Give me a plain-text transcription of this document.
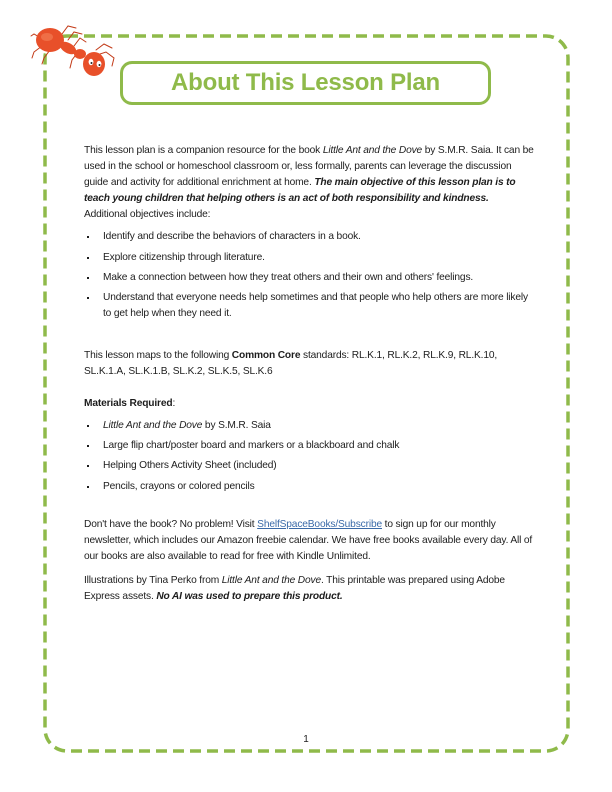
About This Lesson Plan

This lesson plan is a companion resource for the book Little Ant and the Dove by S.M.R. Saia. It can be used in the school or homeschool classroom or, less formally, parents can leverage the discussion guide and activity for additional enrichment at home. The main objective of this lesson plan is to teach young children that helping others is an act of both responsibility and kindness. Additional objectives include:

Identify and describe the behaviors of characters in a book.
Explore citizenship through literature.
Make a connection between how they treat others and their own and others' feelings.
Understand that everyone needs help sometimes and that people who help others are more likely to get help when they need it.

This lesson maps to the following Common Core standards: RL.K.1, RL.K.2, RL.K.9, RL.K.10, SL.K.1.A, SL.K.1.B, SL.K.2, SL.K.5, SL.K.6

Materials Required:

Little Ant and the Dove by S.M.R. Saia
Large flip chart/poster board and markers or a blackboard and chalk
Helping Others Activity Sheet (included)
Pencils, crayons or colored pencils

Don't have the book? No problem! Visit ShelfSpaceBooks/Subscribe to sign up for our monthly newsletter, which includes our Amazon freebie calendar. We have free books available every day. All of our books are also available to read for free with Kindle Unlimited.

Illustrations by Tina Perko from Little Ant and the Dove. This printable was prepared using Adobe Express assets. No AI was used to prepare this product.

1
